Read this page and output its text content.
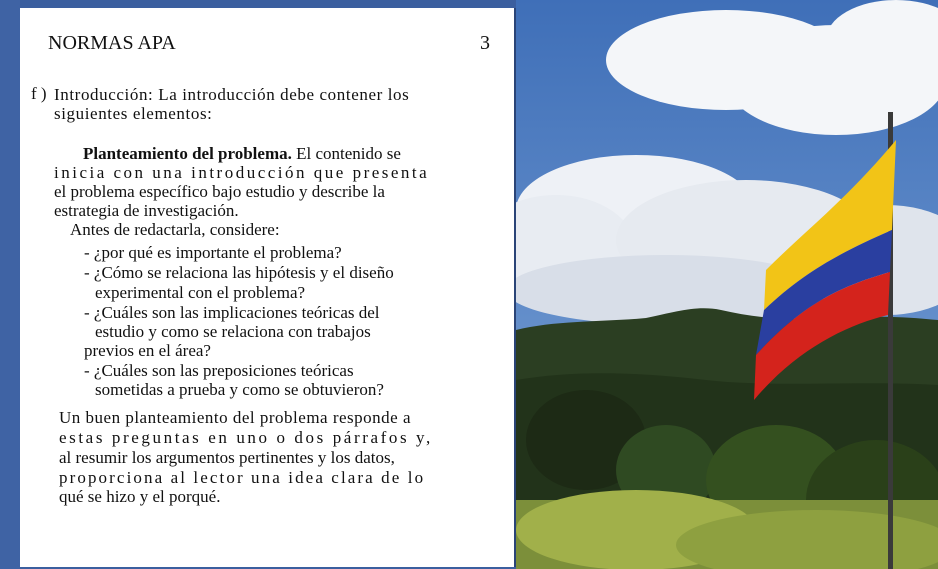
NORMAS APA	3
f ) Introducción: La introducción debe contener los
siguientes elementos:
Planteamiento del problema. El contenido se
inicia con una introducción que presenta
el problema específico bajo estudio y describe la
estrategia de investigación.
Antes de redactarla, considere:
- ¿por qué es importante el problema?
- ¿Cómo se relaciona las hipótesis y el diseño
experimental con el problema?
- ¿Cuáles son las implicaciones teóricas del
estudio y como se relaciona con trabajos
previos en el área?
- ¿Cuáles son las preposiciones teóricas
sometidas a prueba y como se obtuvieron?
Un buen planteamiento del problema responde a
estas preguntas en uno o dos párrafos y,
al resumir los argumentos pertinentes y los datos,
proporciona al lector una idea clara de lo
qué se hizo y el porqué.
